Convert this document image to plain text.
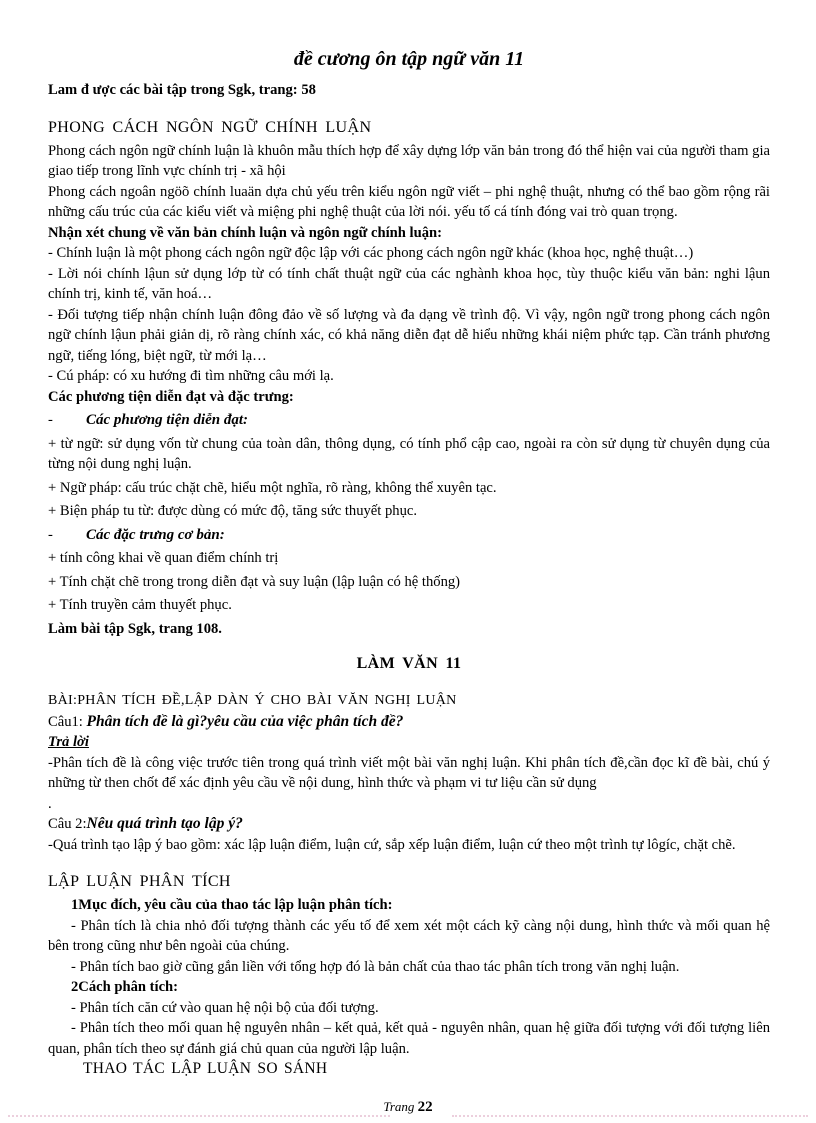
đề cương ôn tập ngữ văn 11

Lam đ ược các bài tập trong Sgk, trang: 58

PHONG CÁCH NGÔN NGỮ CHÍNH LUẬN

Phong cách ngôn ngữ chính luận là khuôn mẫu thích hợp để xây dựng lớp văn bản trong đó thể hiện vai của người tham gia giao tiếp trong lĩnh vực chính trị - xã hội

Phong cách ngoân ngöõ chính luaän dựa chủ yếu trên kiểu ngôn ngữ viết – phi nghệ thuật, nhưng có thể bao gồm rộng rãi những cấu trúc của các kiểu viết và miệng phi nghệ thuật của lời nói. yếu tố cá tính đóng vai trò quan trọng.

Nhận xét chung về văn bản chính luận và ngôn ngữ chính luận:

- Chính luận là một phong cách ngôn ngữ độc lập với các phong cách ngôn ngữ khác (khoa học, nghệ thuật…)

- Lời nói chính lậun sử dụng lớp từ có tính chất thuật ngữ của các nghành khoa học, tùy thuộc kiểu văn bản: nghi lậun chính trị, kinh tế, văn hoá…

- Đối tượng tiếp nhận chính luận đông đảo về số lượng và đa dạng về trình độ. Vì vậy, ngôn ngữ trong phong cách ngôn ngữ chính lậun phải giản dị, rõ ràng chính xác, có khả năng diễn đạt dễ hiểu những khái niệm phức tạp. Cần tránh phương ngữ, tiếng lóng, biệt ngữ, từ mới lạ…

- Cú pháp: có xu hướng đi tìm những câu mới lạ.

Các phương tiện diễn đạt và đặc trưng:

- Các phương tiện diễn đạt:

+ từ ngữ: sử dụng vốn từ chung của toàn dân, thông dụng, có tính phổ cập cao, ngoài ra còn sử dụng từ chuyên dụng của từng nội dung nghị luận.

+ Ngữ pháp: cấu trúc chặt chẽ, hiểu một nghĩa, rõ ràng, không thể xuyên tạc.

+ Biện pháp tu từ: được dùng có mức độ, tăng sức thuyết phục.

- Các đặc trưng cơ bản:

+ tính công khai về quan điểm chính trị

+ Tính chặt chẽ trong trong diễn đạt và suy luận (lập luận có hệ thống)

+ Tính truyền cảm thuyết phục.

Làm bài tập Sgk, trang 108.

LÀM VĂN 11

BÀI:PHÂN TÍCH ĐỀ,LẬP DÀN Ý CHO BÀI VĂN NGHỊ LUẬN

Câu1: Phân tích đề là gì?yêu cầu của việc phân tích đề?

Trả lời

-Phân tích đề là công việc trước tiên trong quá trình viết một bài văn nghị luận. Khi phân tích đề,cần đọc kĩ đề bài, chú ý những từ then chốt để xác định yêu cầu về nội dung, hình thức và phạm vi tư liệu cần sử dụng

.

Câu 2:Nêu quá trình tạo lập ý?

-Quá trình tạo lập ý bao gồm: xác lập luận điểm, luận cứ, sắp xếp luận điểm, luận cứ theo một trình tự lôgíc, chặt chẽ.

LẬP LUẬN PHÂN TÍCH

1Mục đích, yêu cầu của thao tác lập luận phân tích:

- Phân tích là chia nhỏ đối tượng thành các yếu tố để xem xét một cách kỹ càng nội dung, hình thức và mối quan hệ bên trong cũng như bên ngoài của chúng.

- Phân tích bao giờ cũng gắn liền với tổng hợp đó là bản chất của thao tác phân tích trong văn nghị luận.

2Cách phân tích:

- Phân tích căn cứ vào quan hệ nội bộ của đối tượng.

- Phân tích theo mối quan hệ nguyên nhân – kết quả, kết quả - nguyên nhân, quan hệ giữa đối tượng với đối tượng liên quan, phân tích theo sự đánh giá chủ quan của người lập luận.

THAO TÁC LẬP LUẬN SO SÁNH

Trang 22
